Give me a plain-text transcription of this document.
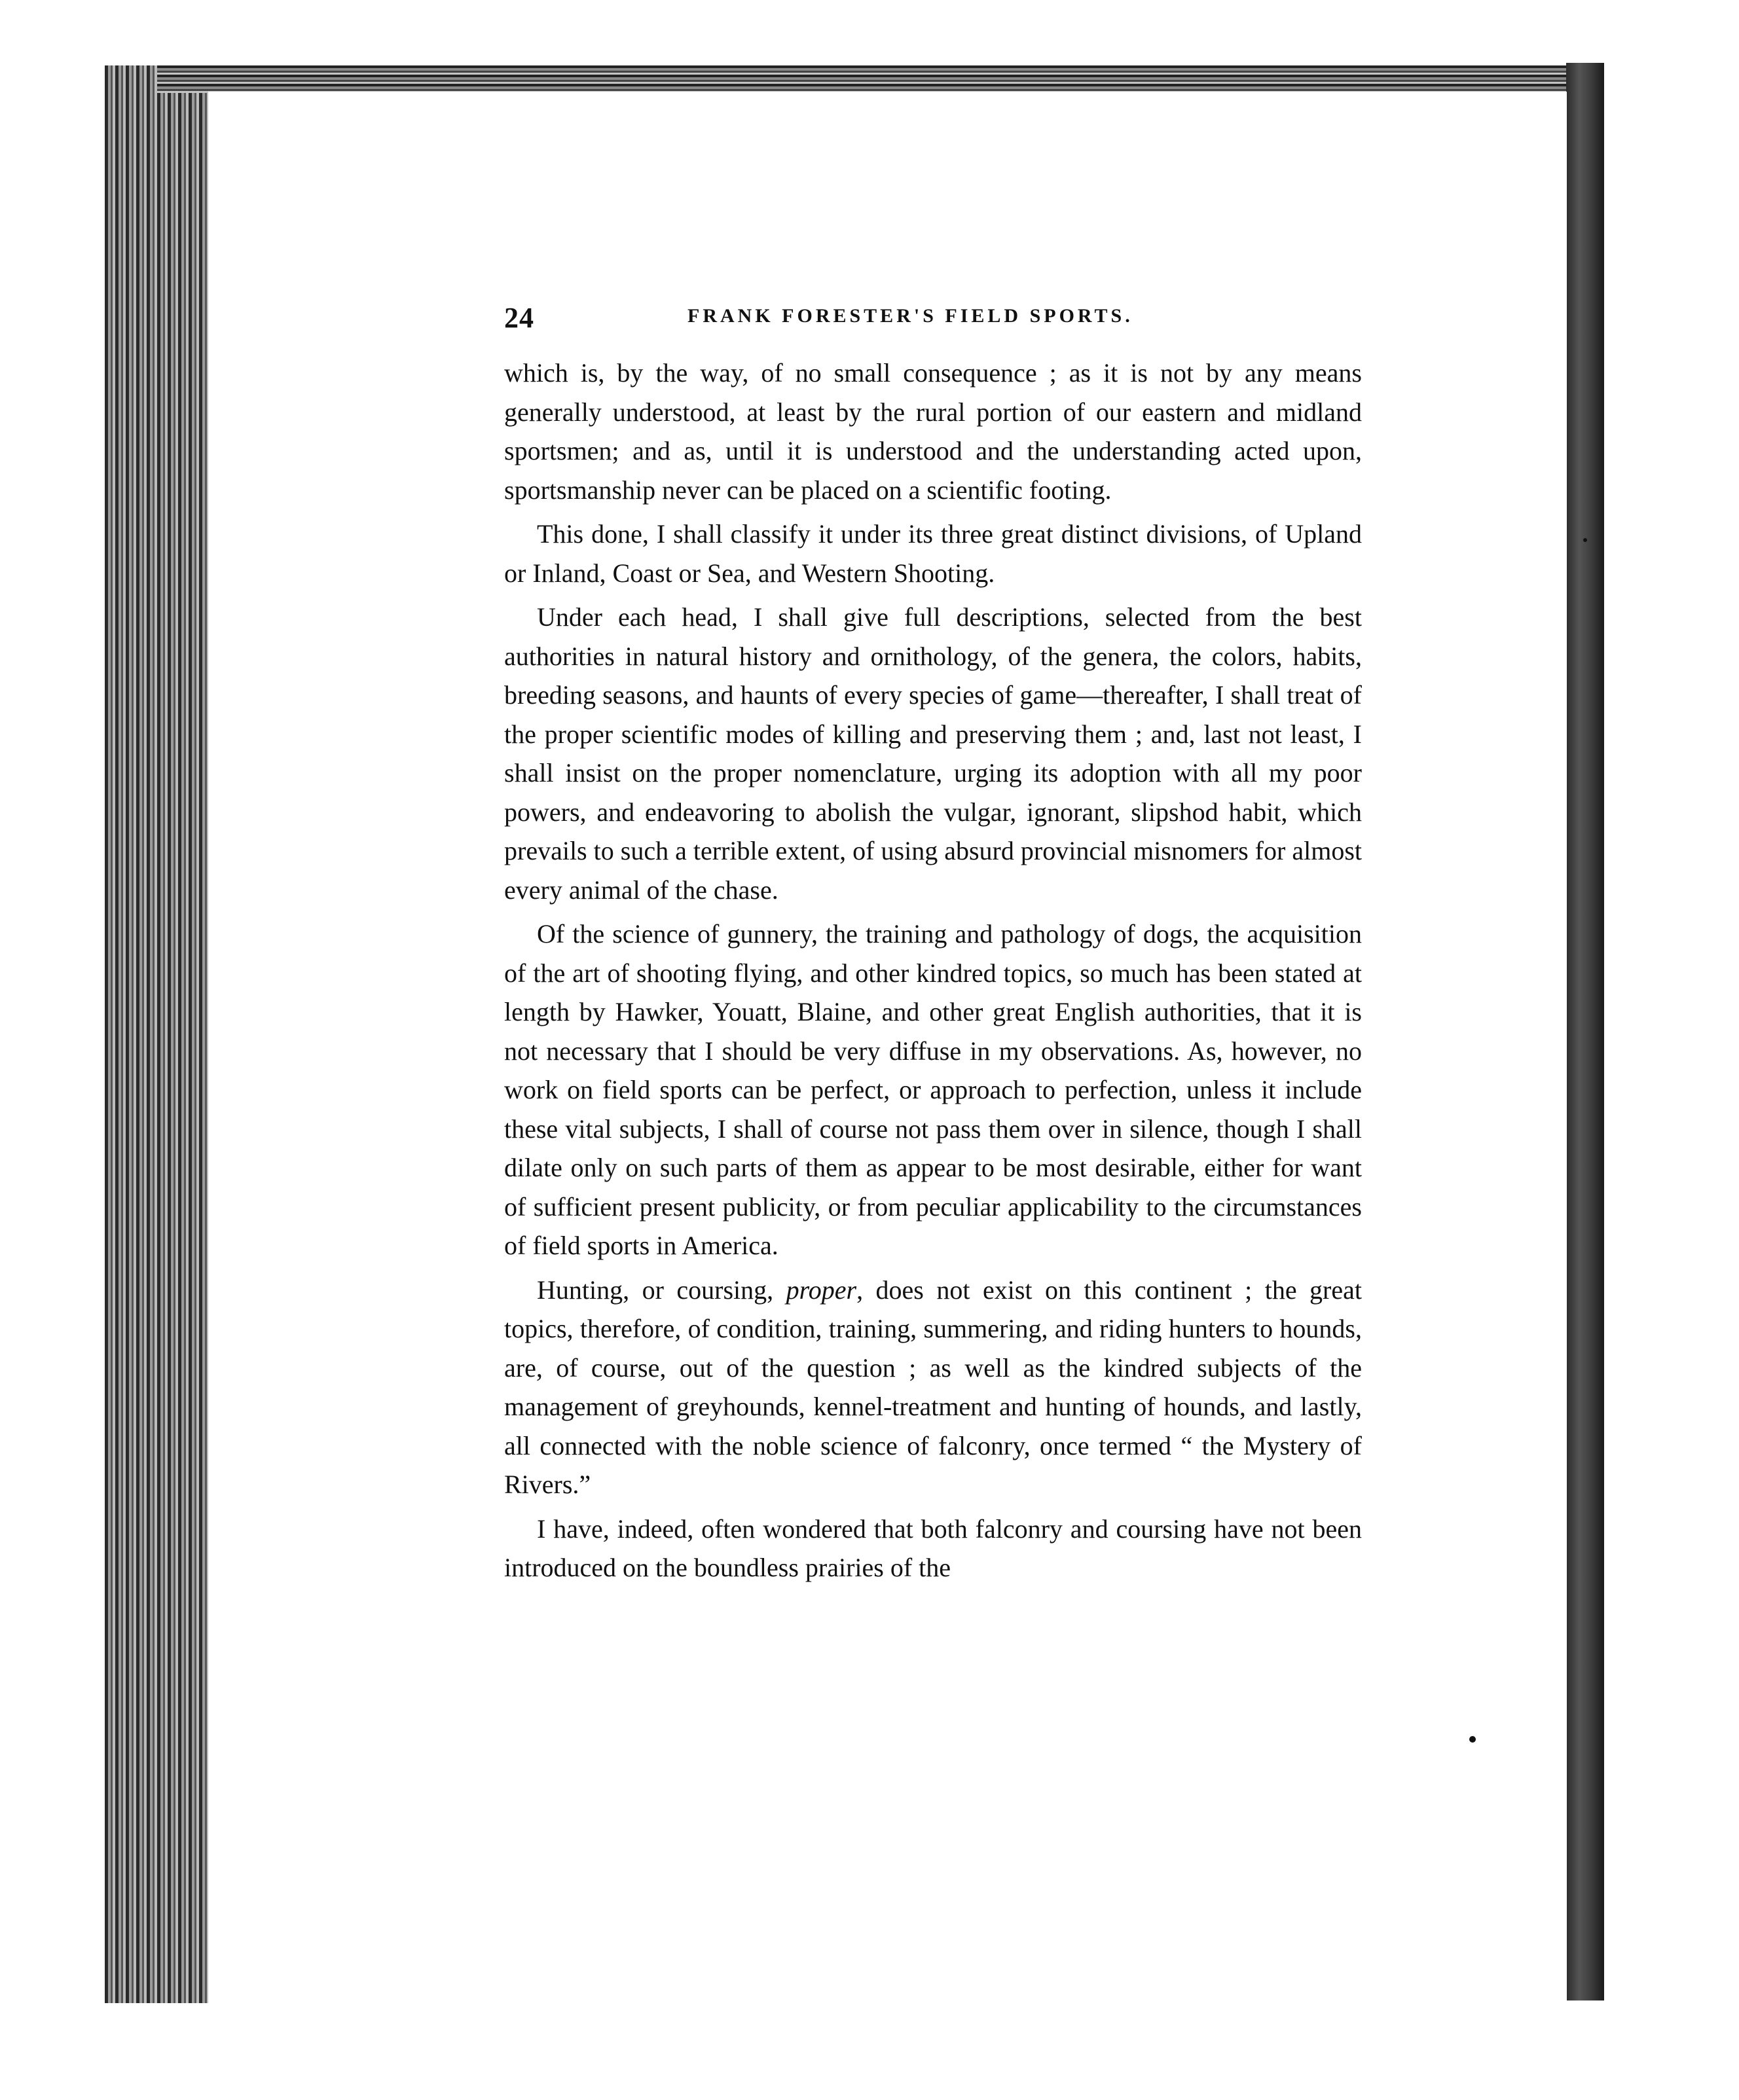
24	FRANK FORESTER'S FIELD SPORTS.

which is, by the way, of no small consequence ; as it is not by any means generally understood, at least by the rural portion of our eastern and midland sportsmen; and as, until it is understood and the understanding acted upon, sportsmanship never can be placed on a scientific footing.

This done, I shall classify it under its three great distinct divisions, of Upland or Inland, Coast or Sea, and Western Shooting.

Under each head, I shall give full descriptions, selected from the best authorities in natural history and ornithology, of the genera, the colors, habits, breeding seasons, and haunts of every species of game—thereafter, I shall treat of the proper scientific modes of killing and preserving them ; and, last not least, I shall insist on the proper nomenclature, urging its adoption with all my poor powers, and endeavoring to abolish the vulgar, ignorant, slipshod habit, which prevails to such a terrible extent, of using absurd provincial misnomers for almost every animal of the chase.

Of the science of gunnery, the training and pathology of dogs, the acquisition of the art of shooting flying, and other kindred topics, so much has been stated at length by Hawker, Youatt, Blaine, and other great English authorities, that it is not necessary that I should be very diffuse in my observations. As, however, no work on field sports can be perfect, or approach to perfection, unless it include these vital subjects, I shall of course not pass them over in silence, though I shall dilate only on such parts of them as appear to be most desirable, either for want of sufficient present publicity, or from peculiar applicability to the circumstances of field sports in America.

Hunting, or coursing, proper, does not exist on this continent ; the great topics, therefore, of condition, training, summering, and riding hunters to hounds, are, of course, out of the question ; as well as the kindred subjects of the management of greyhounds, kennel-treatment and hunting of hounds, and lastly, all connected with the noble science of falconry, once termed “ the Mystery of Rivers.”

I have, indeed, often wondered that both falconry and coursing have not been introduced on the boundless prairies of the
